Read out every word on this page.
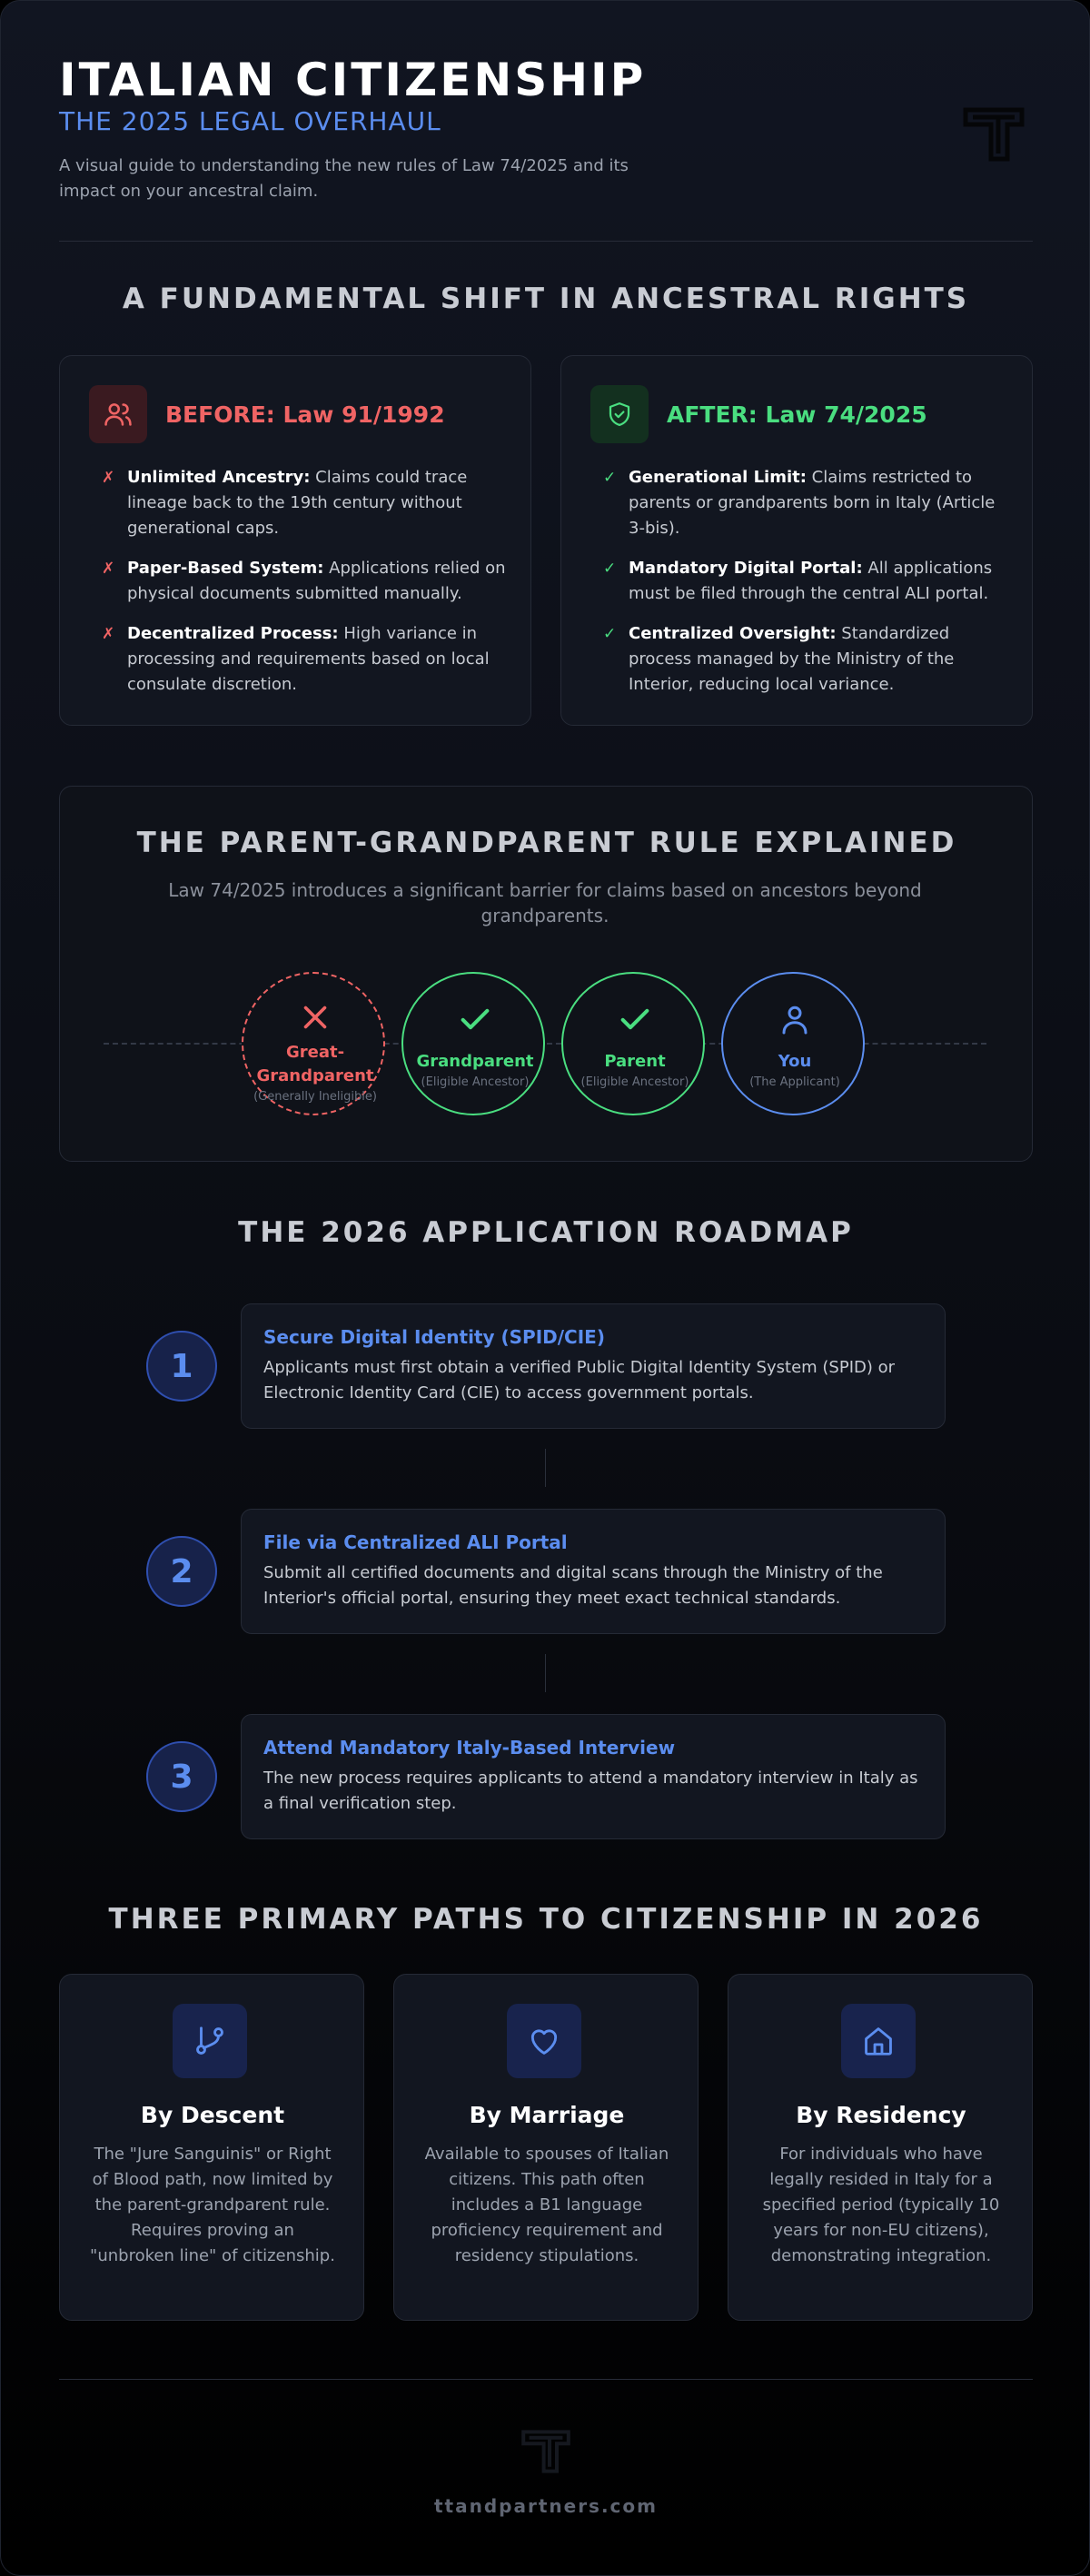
ITALIAN CITIZENSHIP
THE 2025 LEGAL OVERHAUL

A visual guide to understanding the new rules of Law 74/2025 and its impact on your ancestral claim.

A FUNDAMENTAL SHIFT IN ANCESTRAL RIGHTS
BEFORE: Law 91/1992
✗ Unlimited Ancestry: Claims could trace lineage back to the 19th century without generational caps.
✗ Paper-Based System: Applications relied on physical documents submitted manually.
✗ Decentralized Process: High variance in processing and requirements based on local consulate discretion.
AFTER: Law 74/2025
✓ Generational Limit: Claims restricted to parents or grandparents born in Italy (Article 3-bis).
✓ Mandatory Digital Portal: All applications must be filed through the central ALI portal.
✓ Centralized Oversight: Standardized process managed by the Ministry of the Interior, reducing local variance.
THE PARENT-GRANDPARENT RULE EXPLAINED

Law 74/2025 introduces a significant barrier for claims based on ancestors beyond grandparents.

Great-
Grandparent
(Generally Ineligible)
Grandparent
(Eligible Ancestor)
Parent
(Eligible Ancestor)
You
(The Applicant)
THE 2026 APPLICATION ROADMAP
1
Secure Digital Identity (SPID/CIE)
Applicants must first obtain a verified Public Digital Identity System (SPID) or Electronic Identity Card (CIE) to access government portals.
2
File via Centralized ALI Portal
Submit all certified documents and digital scans through the Ministry of the Interior's official portal, ensuring they meet exact technical standards.
3
Attend Mandatory Italy-Based Interview
The new process requires applicants to attend a mandatory interview in Italy as a final verification step.
THREE PRIMARY PATHS TO CITIZENSHIP IN 2026
By Descent
The "Jure Sanguinis" or Right of Blood path, now limited by the parent-grandparent rule. Requires proving an "unbroken line" of citizenship.
By Marriage
Available to spouses of Italian citizens. This path often includes a B1 language proficiency requirement and residency stipulations.
By Residency
For individuals who have legally resided in Italy for a specified period (typically 10 years for non-EU citizens), demonstrating integration.
ttandpartners.com
